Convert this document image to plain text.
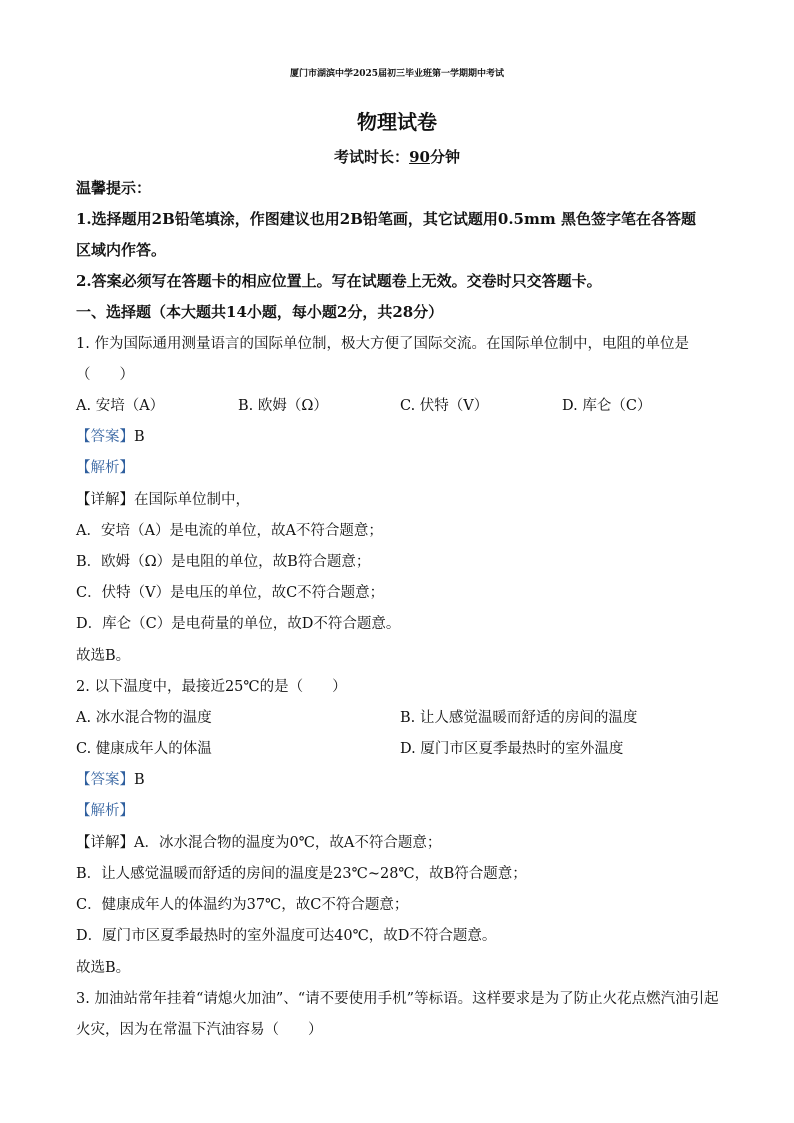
厦门市湖滨中学2025届初三毕业班第一学期期中考试
物理试卷
考试时长：90分钟
温馨提示：
1.选择题用2B铅笔填涂，作图建议也用2B铅笔画，其它试题用0.5mm 黑色签字笔在各答题
区域内作答。
2.答案必须写在答题卡的相应位置上。写在试题卷上无效。交卷时只交答题卡。
一、选择题（本大题共14小题，每小题2分，共28分）
1. 作为国际通用测量语言的国际单位制，极大方便了国际交流。在国际单位制中，电阻的单位是
（　　）
A. 安培（A）	B. 欧姆（Ω）	C. 伏特（V）	D. 库仑（C）
【答案】B
【解析】
【详解】在国际单位制中，
A．安培（A）是电流的单位，故A不符合题意；
B．欧姆（Ω）是电阻的单位，故B符合题意；
C．伏特（V）是电压的单位，故C不符合题意；
D．库仑（C）是电荷量的单位，故D不符合题意。
故选B。
2. 以下温度中，最接近25℃的是（　　）
A. 冰水混合物的温度	B. 让人感觉温暖而舒适的房间的温度
C. 健康成年人的体温	D. 厦门市区夏季最热时的室外温度
【答案】B
【解析】
【详解】A．冰水混合物的温度为0℃，故A不符合题意；
B．让人感觉温暖而舒适的房间的温度是23℃~28℃，故B符合题意；
C．健康成年人的体温约为37℃，故C不符合题意；
D．厦门市区夏季最热时的室外温度可达40℃，故D不符合题意。
故选B。
3. 加油站常年挂着“请熄火加油”、“请不要使用手机”等标语。这样要求是为了防止火花点燃汽油引起
火灾，因为在常温下汽油容易（　　）
